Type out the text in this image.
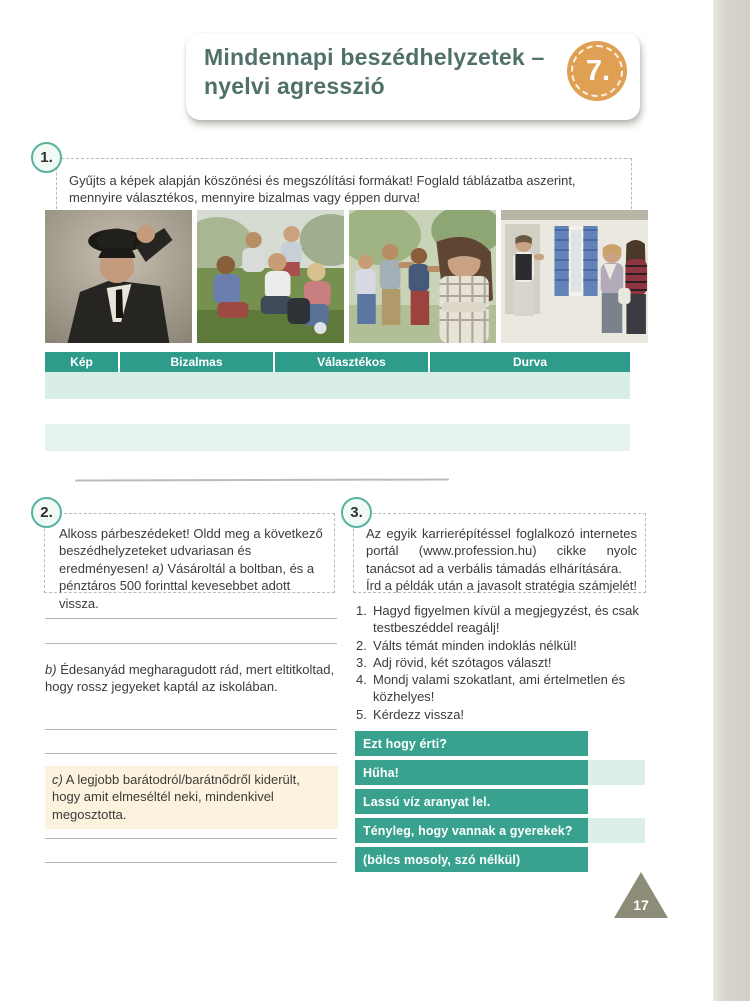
Mindennapi beszédhelyzetek –
nyelvi agresszió	7.
1.
Gyűjts a képek alapján köszönési és megszólítási formákat! Foglald táblázatba aszerint, mennyire választékos, mennyire bizalmas vagy éppen durva!
Kép	Bizalmas	Választékos	Durva
2.
Alkoss párbeszédeket! Oldd meg a következő beszédhelyzeteket udvariasan és eredményesen! a) Vásároltál a boltban, és a pénztáros 500 forinttal kevesebbet adott vissza.
b) Édesanyád megharagudott rád, mert eltitkoltad, hogy rossz jegyeket kaptál az iskolában.
c) A legjobb barátodról/barátnődről kiderült, hogy amit elmeséltél neki, mindenkivel megosztotta.
3.
Az egyik karrierépítéssel foglalkozó internetes portál (www.profession.hu) cikke nyolc tanácsot ad a verbális támadás elhárítására.
Írd a példák után a javasolt stratégia számjelét!
1. Hagyd figyelmen kívül a megjegyzést, és csak testbeszéddel reagálj!
2. Válts témát minden indoklás nélkül!
3. Adj rövid, két szótagos választ!
4. Mondj valami szokatlant, ami értelmetlen és közhelyes!
5. Kérdezz vissza!
Ezt hogy érti?
Hűha!
Lassú víz aranyat lel.
Tényleg, hogy vannak a gyerekek?
(bölcs mosoly, szó nélkül)
17
